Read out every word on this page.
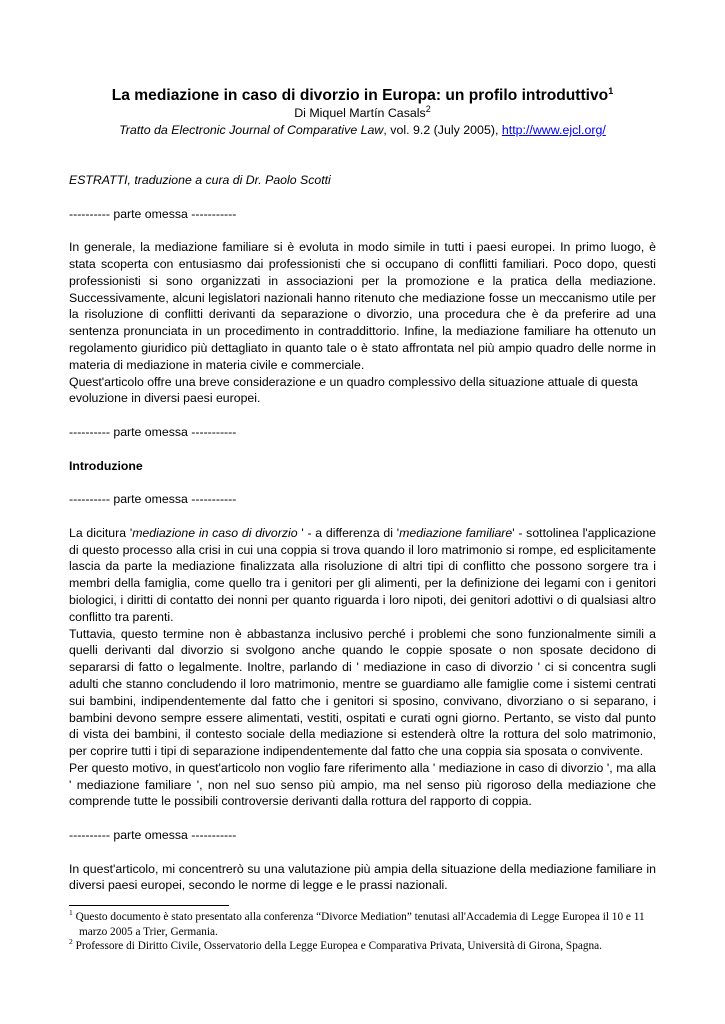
La mediazione in caso di divorzio in Europa: un profilo introduttivo$^1$
Di Miquel Martín Casals$^2$
Tratto da Electronic Journal of Comparative Law, vol. 9.2 (July 2005), http://www.ejcl.org/

ESTRATTI, traduzione a cura di Dr. Paolo Scotti

---------- parte omessa -----------

In generale, la mediazione familiare si è evoluta in modo simile in tutti i paesi europei. In primo luogo, è stata scoperta con entusiasmo dai professionisti che si occupano di conflitti familiari. Poco dopo, questi professionisti si sono organizzati in associazioni per la promozione e la pratica della mediazione. Successivamente, alcuni legislatori nazionali hanno ritenuto che mediazione fosse un meccanismo utile per la risoluzione di conflitti derivanti da separazione o divorzio, una procedura che è da preferire ad una sentenza pronunciata in un procedimento in contraddittorio. Infine, la mediazione familiare ha ottenuto un regolamento giuridico più dettagliato in quanto tale o è stato affrontata nel più ampio quadro delle norme in materia di mediazione in materia civile e commerciale.

Quest'articolo offre una breve considerazione e un quadro complessivo della situazione attuale di questa evoluzione in diversi paesi europei.

---------- parte omessa -----------

Introduzione

---------- parte omessa -----------

La dicitura 'mediazione in caso di divorzio ' - a differenza di 'mediazione familiare' - sottolinea l'applicazione di questo processo alla crisi in cui una coppia si trova quando il loro matrimonio si rompe, ed esplicitamente lascia da parte la mediazione finalizzata alla risoluzione di altri tipi di conflitto che possono sorgere tra i membri della famiglia, come quello tra i genitori per gli alimenti, per la definizione dei legami con i genitori biologici, i diritti di contatto dei nonni per quanto riguarda i loro nipoti, dei genitori adottivi o di qualsiasi altro conflitto tra parenti.

Tuttavia, questo termine non è abbastanza inclusivo perché i problemi che sono funzionalmente simili a quelli derivanti dal divorzio si svolgono anche quando le coppie sposate o non sposate decidono di separarsi di fatto o legalmente. Inoltre, parlando di ' mediazione in caso di divorzio ' ci si concentra sugli adulti che stanno concludendo il loro matrimonio, mentre se guardiamo alle famiglie come i sistemi centrati sui bambini, indipendentemente dal fatto che i genitori si sposino, convivano, divorziano o si separano, i bambini devono sempre essere alimentati, vestiti, ospitati e curati ogni giorno. Pertanto, se visto dal punto di vista dei bambini, il contesto sociale della mediazione si estenderà oltre la rottura del solo matrimonio, per coprire tutti i tipi di separazione indipendentemente dal fatto che una coppia sia sposata o convivente.

Per questo motivo, in quest'articolo non voglio fare riferimento alla ' mediazione in caso di divorzio ', ma alla ' mediazione familiare ', non nel suo senso più ampio, ma nel senso più rigoroso della mediazione che comprende tutte le possibili controversie derivanti dalla rottura del rapporto di coppia.

---------- parte omessa -----------

In quest'articolo, mi concentrerò su una valutazione più ampia della situazione della mediazione familiare in diversi paesi europei, secondo le norme di legge e le prassi nazionali.

$^1$ Questo documento è stato presentato alla conferenza “Divorce Mediation” tenutasi all'Accademia di Legge Europea il 10 e 11 marzo 2005 a Trier, Germania.

$^2$ Professore di Diritto Civile, Osservatorio della Legge Europea e Comparativa Privata, Università di Girona, Spagna.
